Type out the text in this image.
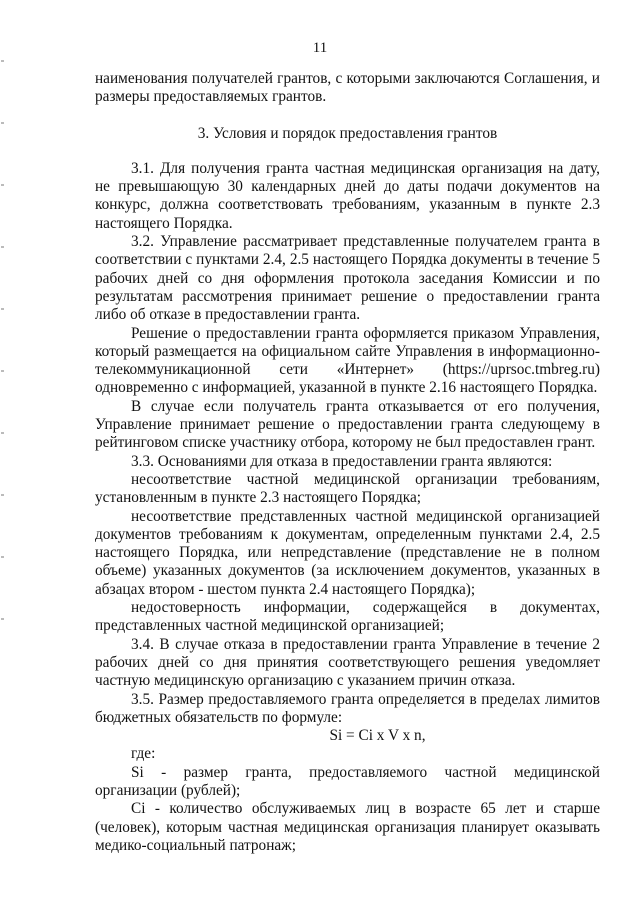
11

наименования получателей грантов, с которыми заключаются Соглашения, и размеры предоставляемых грантов.

3. Условия и порядок предоставления грантов

3.1. Для получения гранта частная медицинская организация на дату, не превышающую 30 календарных дней до даты подачи документов на конкурс, должна соответствовать требованиям, указанным в пункте 2.3 настоящего Порядка.

3.2. Управление рассматривает представленные получателем гранта в соответствии с пунктами 2.4, 2.5 настоящего Порядка документы в течение 5 рабочих дней со дня оформления протокола заседания Комиссии и по результатам рассмотрения принимает решение о предоставлении гранта либо об отказе в предоставлении гранта.

Решение о предоставлении гранта оформляется приказом Управления, который размещается на официальном сайте Управления в информационно-телекоммуникационной сети «Интернет» (https://uprsoc.tmbreg.ru) одновременно с информацией, указанной в пункте 2.16 настоящего Порядка.

В случае если получатель гранта отказывается от его получения, Управление принимает решение о предоставлении гранта следующему в рейтинговом списке участнику отбора, которому не был предоставлен грант.

3.3. Основаниями для отказа в предоставлении гранта являются:

несоответствие частной медицинской организации требованиям, установленным в пункте 2.3 настоящего Порядка;

несоответствие представленных частной медицинской организацией документов требованиям к документам, определенным пунктами 2.4, 2.5 настоящего Порядка, или непредставление (представление не в полном объеме) указанных документов (за исключением документов, указанных в абзацах втором - шестом пункта 2.4 настоящего Порядка);

недостоверность информации, содержащейся в документах, представленных частной медицинской организацией;

3.4. В случае отказа в предоставлении гранта Управление в течение 2 рабочих дней со дня принятия соответствующего решения уведомляет частную медицинскую организацию с указанием причин отказа.

3.5. Размер предоставляемого гранта определяется в пределах лимитов бюджетных обязательств по формуле:

Si = Ci x V x n,

где:

Si - размер гранта, предоставляемого частной медицинской организации (рублей);

Ci - количество обслуживаемых лиц в возрасте 65 лет и старше (человек), которым частная медицинская организация планирует оказывать медико-социальный патронаж;
